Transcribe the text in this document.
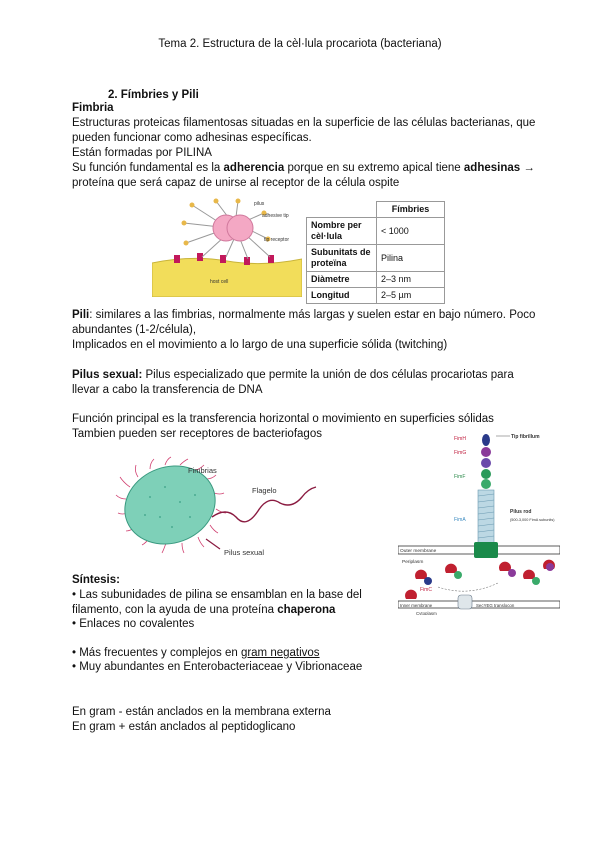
Tema 2. Estructura de la cèl·lula procariota (bacteriana)
2. Fímbries y Pili
Fimbria
Estructuras proteicas filamentosas situadas en la superficie de las células bacterianas, que
pueden funcionar como adhesinas específicas.
Están formadas por PILINA
Su función fundamental es la adherencia porque en su extremo apical tiene adhesinas →
proteína que será capaz de unirse al receptor de la célula ospite
pilus
adhesive tip
tip receptor
host cell
	Fímbries
Nombre per cèl·lula	< 1000
Subunitats de proteïna	Pilina
Diàmetre	2–3 nm
Longitud	2–5 µm
Pili: similares a las fimbrias, normalmente más largas y suelen estar en bajo número. Poco
abundantes (1-2/célula),
Implicados en el movimiento a lo largo de una superficie sólida (twitching)
Pilus sexual: Pilus especializado que permite la unión de dos células procariotas para
llevar a cabo la transferencia de DNA
Función principal es la transferencia horizontal o movimiento en superficies sólidas
Tambien pueden ser receptores de bacteriofagos
Fimbrias
Flagelo
Pilus sexual
Tip fibrillum
FimH
FimG
FimF
FimA
Pilus rod
(500-3,000 FimA subunits)
Outer membrane	FimD
Periplasm
FimC
Inner membrane	SecYEG translocon
Cytoplasm
Síntesis:
• Las subunidades de pilina se ensamblan en la base del
filamento, con la ayuda de una proteína chaperona
• Enlaces no covalentes
• Más frecuentes y complejos en gram negativos
• Muy abundantes en Enterobacteriaceae y Vibrionaceae
En gram - están anclados en la membrana externa
En gram + están anclados al peptidoglicano
